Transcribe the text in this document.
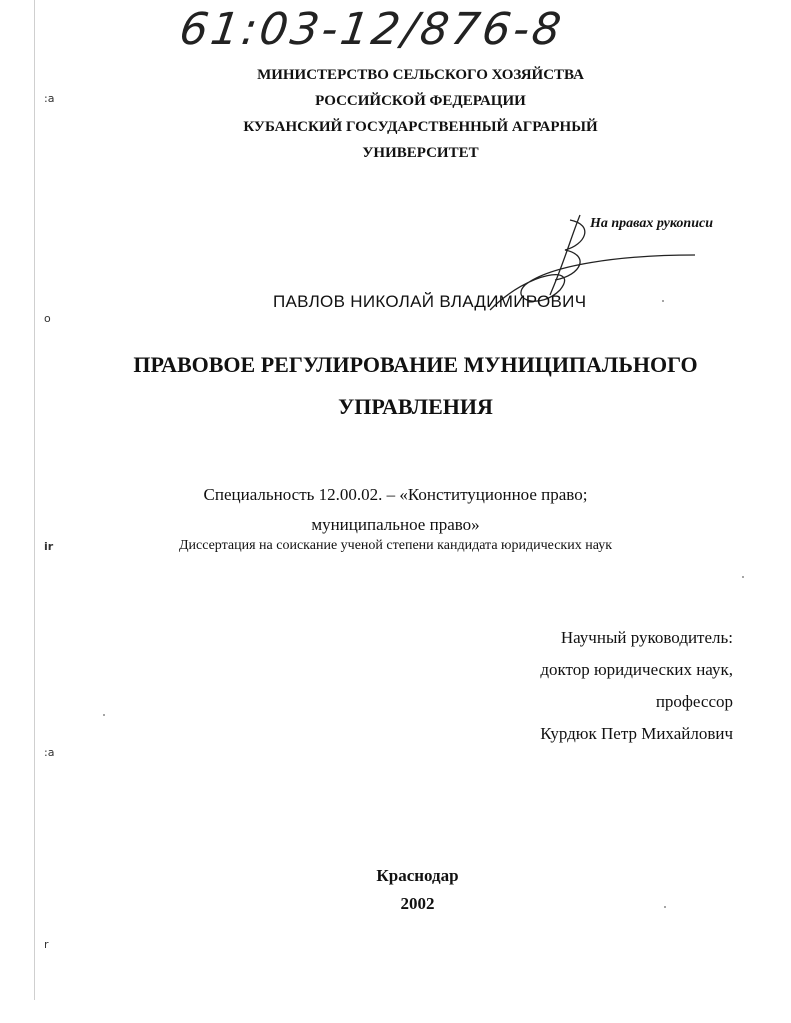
61:03-12/876-8
МИНИСТЕРСТВО СЕЛЬСКОГО ХОЗЯЙСТВА
РОССИЙСКОЙ ФЕДЕРАЦИИ
КУБАНСКИЙ ГОСУДАРСТВЕННЫЙ АГРАРНЫЙ
УНИВЕРСИТЕТ
На правах рукописи
ПАВЛОВ НИКОЛАЙ ВЛАДИМИРОВИЧ
ПРАВОВОЕ РЕГУЛИРОВАНИЕ МУНИЦИПАЛЬНОГО
УПРАВЛЕНИЯ
Специальность 12.00.02. – «Конституционное право;
муниципальное право»
Диссертация на соискание ученой степени кандидата юридических наук
Научный руководитель:
доктор юридических наук,
профессор
Курдюк Петр Михайлович
Краснодар
2002
:a
o
ir
:a
r
